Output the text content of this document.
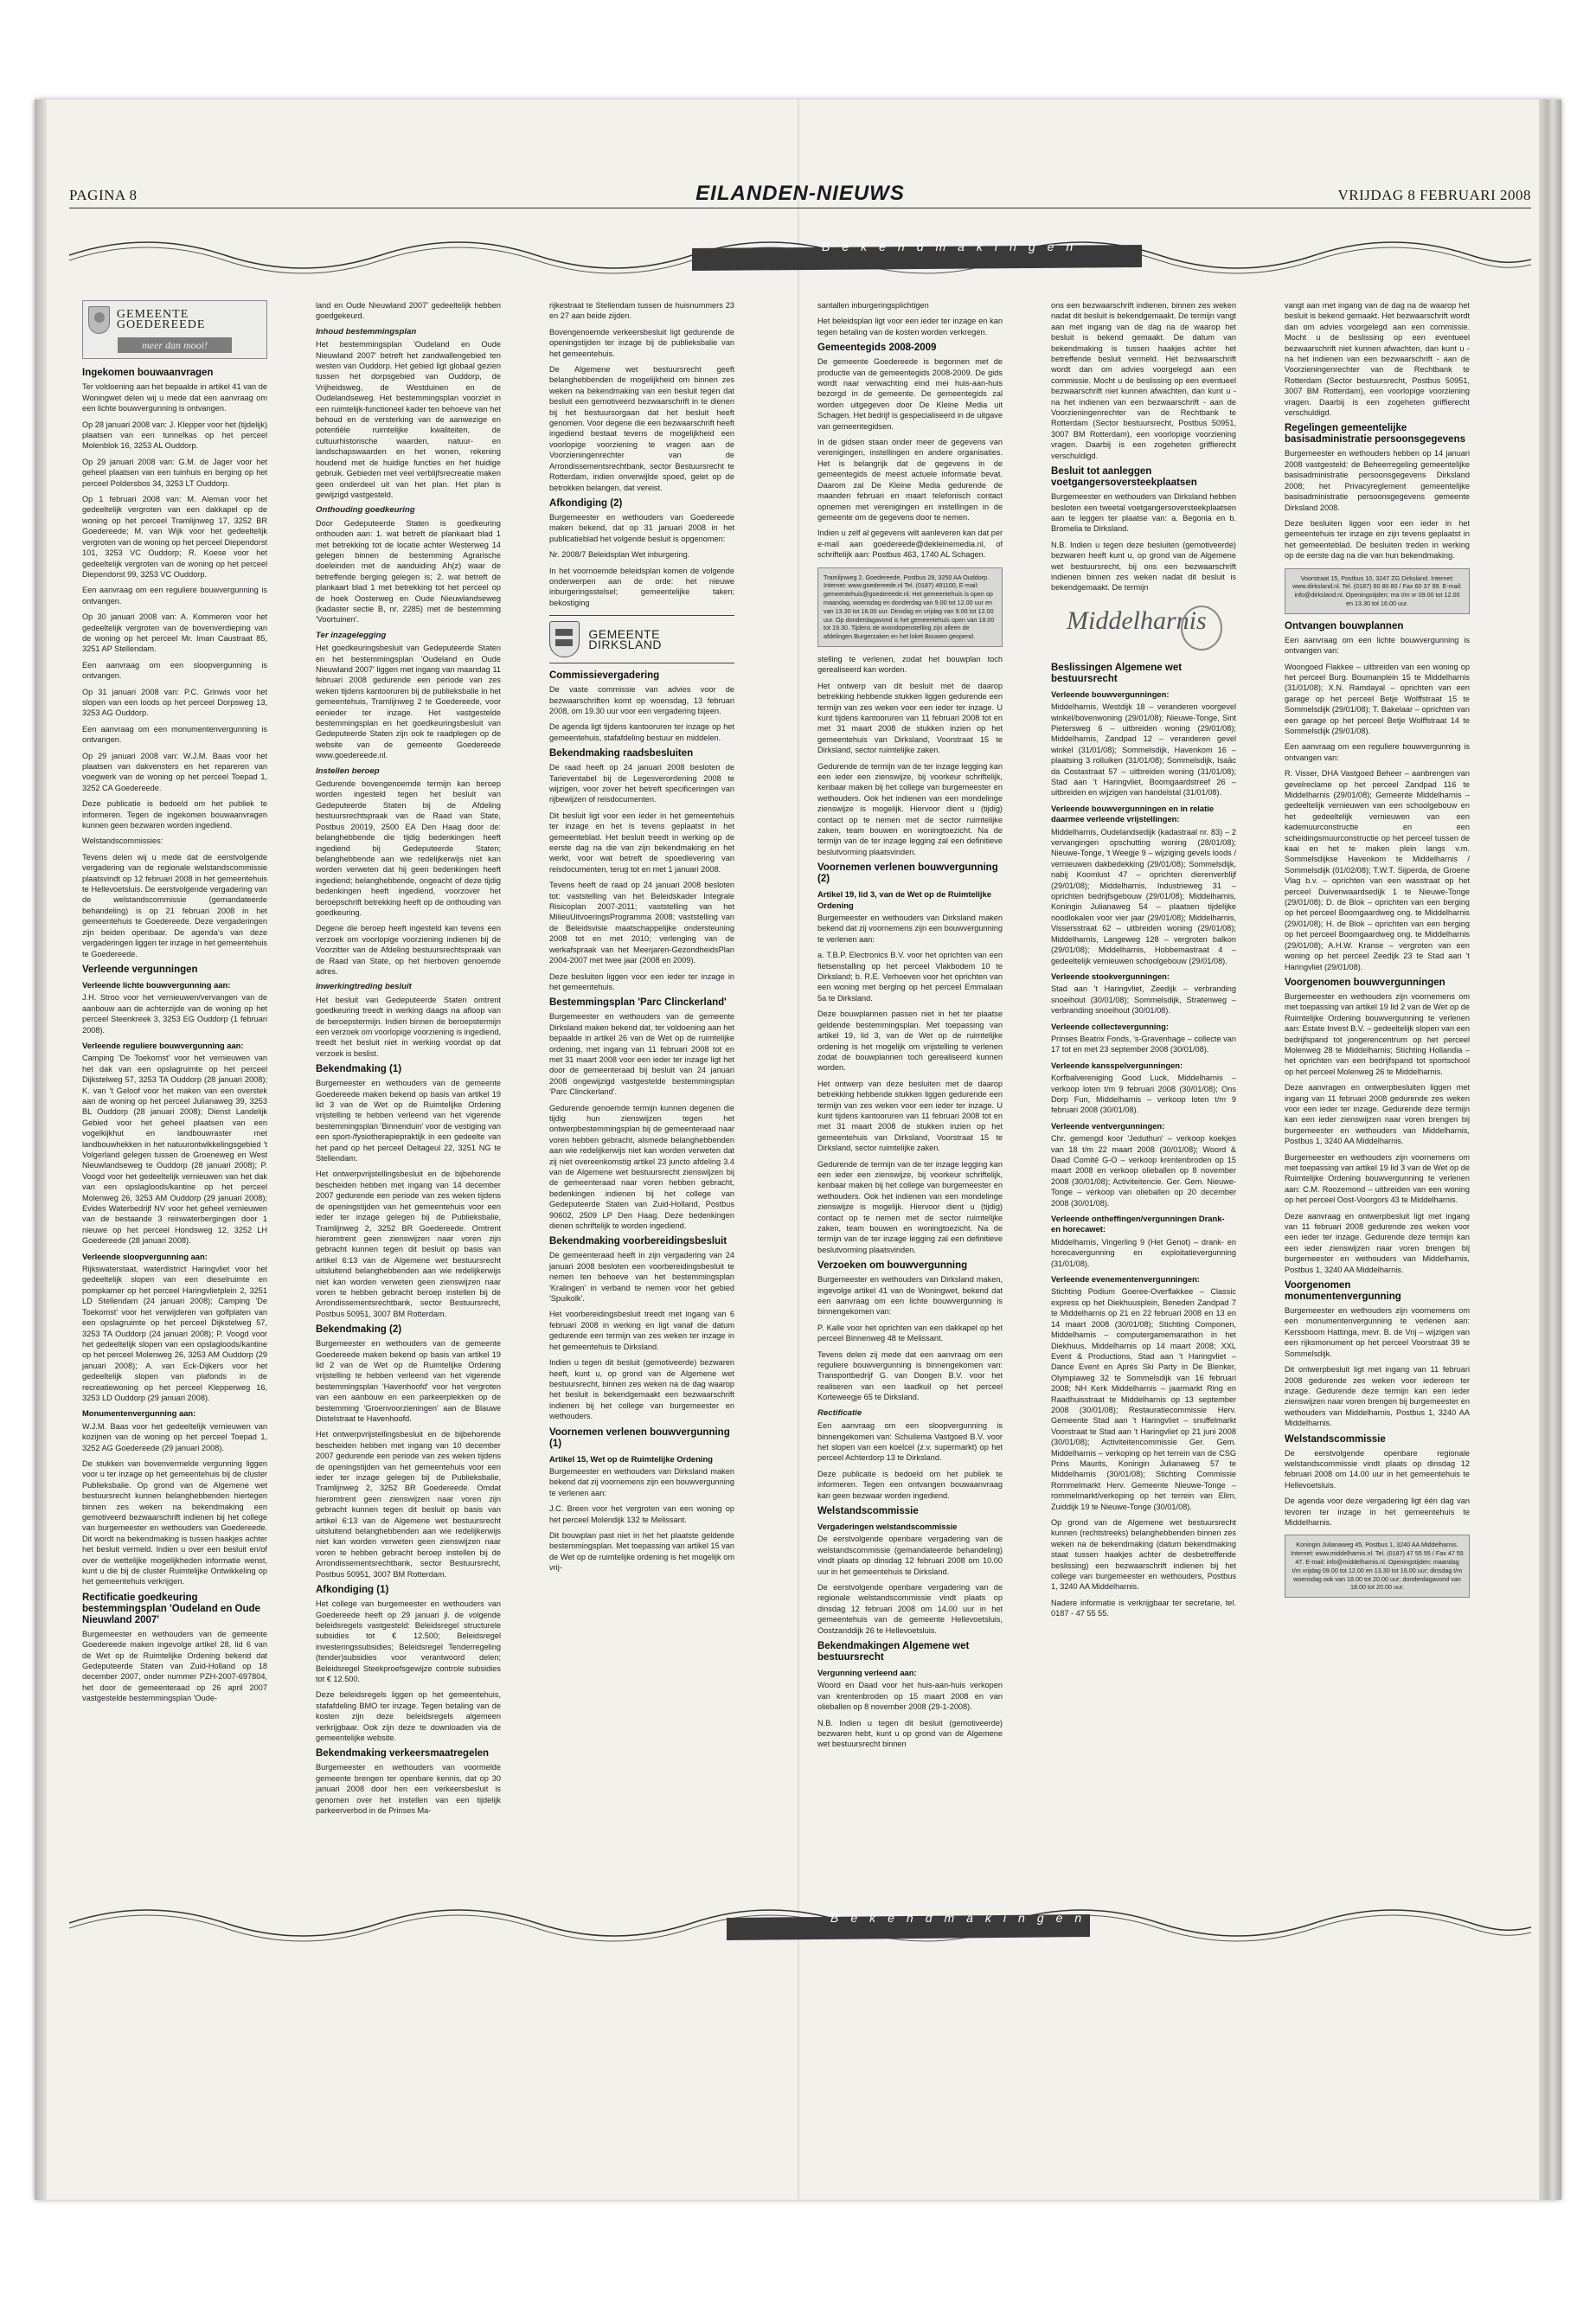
PAGINA 8	EILANDEN-NIEUWS	VRIJDAG 8 FEBRUARI 2008
Bekendmakingen
GEMEENTE GOEDEREEDE
meer dan mooi!
Ingekomen bouwaanvragen

Ter voldoening aan het bepaalde in artikel 41 van de Woningwet delen wij u mede dat een aanvraag om een lichte bouwvergunning is ontvangen.

Op 28 januari 2008 van: J. Klepper voor het (tijdelijk) plaatsen van een tunnelkas op het perceel Molenblok 16, 3253 AL Ouddorp.

Op 29 januari 2008 van: G.M. de Jager voor het geheel plaatsen van een tuinhuis en berging op het perceel Poldersbos 34, 3253 LT Ouddorp.

Op 1 februari 2008 van: M. Aleman voor het gedeeltelijk vergroten van een dakkapel op de woning op het perceel Tramlijnweg 17, 3252 BR Goedereede; M. van Wijk voor het gedeeltelijk vergroten van de woning op het perceel Diependorst 101, 3253 VC Ouddorp; R. Koese voor het gedeeltelijk vergroten van de woning op het perceel Diependorst 99, 3253 VC Ouddorp.

Een aanvraag om een reguliere bouwvergunning is ontvangen.

Op 30 januari 2008 van: A. Kommeren voor het gedeeltelijk vergroten van de bovenverdieping van de woning op het perceel Mr. Iman Caustraat 85, 3251 AP Stellendam.

Een aanvraag om een sloopvergunning is ontvangen.

Op 31 januari 2008 van: P.C. Grinwis voor het slopen van een loods op het perceel Dorpsweg 13, 3253 AG Ouddorp.

Een aanvraag om een monumentenvergunning is ontvangen.

Op 29 januari 2008 van: W.J.M. Baas voor het plaatsen van dakvensters en het repareren van voegwerk van de woning op het perceel Toepad 1, 3252 CA Goedereede.

Deze publicatie is bedoeld om het publiek te informeren. Tegen de ingekomen bouwaanvragen kunnen geen bezwaren worden ingediend.

Welstandscommissies:

Tevens delen wij u mede dat de eerstvolgende vergadering van de regionale welstandscommissie plaatsvindt op 12 februari 2008 in het gemeentehuis te Hellevoetsluis. De eerstvolgende vergadering van de welstandscommissie (gemandateerde behandeling) is op 21 februari 2008 in het gemeentehuis te Goedereede. Deze vergaderingen zijn beiden openbaar. De agenda's van deze vergaderingen liggen ter inzage in het gemeentehuis te Goedereede.

Verleende vergunningen
Verleende lichte bouwvergunning aan:

J.H. Stroo voor het vernieuwen/vervangen van de aanbouw aan de achterzijde van de woning op het perceel Steenkreek 3, 3253 EG Ouddorp (1 februari 2008).

Verleende reguliere bouwvergunning aan:

Camping 'De Toekomst' voor het vernieuwen van het dak van een opslagruimte op het perceel Dijkstelweg 57, 3253 TA Ouddorp (28 januari 2008); K. van 't Geloof voor het maken van een overstek aan de woning op het perceel Julianaweg 39, 3253 BL Ouddorp (28 januari 2008); Dienst Landelijk Gebied voor het geheel plaatsen van een vogelkijkhut en landbouwraster met landbouwhekken in het natuurontwikkelingsgebied 't Volgerland gelegen tussen de Groeneweg en West Nieuwlandseweg te Ouddorp (28 januari 2008); P. Voogd voor het gedeeltelijk vernieuwen van het dak van een opslagloods/kantine op het perceel Molenweg 26, 3253 AM Ouddorp (29 januari 2008); Evides Waterbedrijf NV voor het geheel vernieuwen van de bestaande 3 reinwaterbergingen door 1 nieuwe op het perceel Hondsweg 12, 3252 LH Goedereede (28 januari 2008).

Verleende sloopvergunning aan:

Rijkswaterstaat, waterdistrict Haringvliet voor het gedeeltelijk slopen van een dieselruimte en pompkamer op het perceel Haringvlietplein 2, 3251 LD Stellendam (24 januari 2008); Camping 'De Toekomst' voor het verwijderen van golfplaten van een opslagruimte op het perceel Dijkstelweg 57, 3253 TA Ouddorp (24 januari 2008); P. Voogd voor het gedeeltelijk slopen van een opslagloods/kantine op het perceel Molenweg 26, 3253 AM Ouddorp (29 januari 2008); A. van Eck-Dijkers voor het gedeeltelijk slopen van plafonds in de recreatiewoning op het perceel Klepperweg 16, 3253 LD Ouddorp (29 januari 2008).

Monumentenvergunning aan:

W.J.M. Baas voor het gedeeltelijk vernieuwen van kozijnen van de woning op het perceel Toepad 1, 3252 AG Goedereede (29 januari 2008).

De stukken van bovenvermelde vergunning liggen voor u ter inzage op het gemeentehuis bij de cluster Publieksbalie. Op grond van de Algemene wet bestuursrecht kunnen belanghebbenden hiertegen binnen zes weken na bekendmaking een gemotiveerd bezwaarschrift indienen bij het college van burgemeester en wethouders van Goedereede. Dit wordt na bekendmaking is tussen haakjes achter het besluit vermeld. Indien u over een besluit en/of over de wettelijke mogelijkheden informatie wenst, kunt u die bij de cluster Ruimtelijke Ontwikkeling op het gemeentehuis verkrijgen.

Rectificatie goedkeuring bestemmingsplan 'Oudeland en Oude Nieuwland 2007'

Burgemeester en wethouders van de gemeente Goedereede maken ingevolge artikel 28, lid 6 van de Wet op de Ruimtelijke Ordening bekend dat Gedeputeerde Staten van Zuid-Holland op 18 december 2007, onder nummer PZH-2007-697804, het door de gemeenteraad op 26 april 2007 vastgestelde bestemmingsplan 'Oude-

land en Oude Nieuwland 2007' gedeeltelijk hebben goedgekeurd.

Inhoud bestemmingsplan

Het bestemmingsplan 'Oudeland en Oude Nieuwland 2007' betreft het zandwallengebied ten westen van Ouddorp. Het gebied ligt globaal gezien tussen het dorpsgebied van Ouddorp, de Vrijheidsweg, de Westduinen en de Oudelandseweg. Het bestemmingsplan voorziet in een ruimtelijk-functioneel kader ten behoeve van het behoud en de versterking van de aanwezige en potentiële ruimtelijke kwaliteiten, de cultuurhistorische waarden, natuur- en landschapswaarden en het wonen, rekening houdend met de huidige functies en het huidige gebruik. Gebieden met veel verblijfsrecreatie maken geen onderdeel uit van het plan. Het plan is gewijzigd vastgesteld.

Onthouding goedkeuring

Door Gedeputeerde Staten is goedkeuring onthouden aan: 1. wat betreft de plankaart blad 1 met betrekking tot de locatie achter Westerweg 14 gelegen binnen de bestemming Agrarische doeleinden met de aanduiding Ah(z) waar de betreffende berging gelegen is; 2. wat betreft de plankaart blad 1 met betrekking tot het perceel op de hoek Oosterweg en Oude Nieuwlandseweg (kadaster sectie B, nr. 2285) met de bestemming 'Voortuinen'.

Ter inzagelegging

Het goedkeuringsbesluit van Gedeputeerde Staten en het bestemmingsplan 'Oudeland en Oude Nieuwland 2007' liggen met ingang van maandag 11 februari 2008 gedurende een periode van zes weken tijdens kantooruren bij de publieksbalie in het gemeentehuis, Tramlijnweg 2 te Goedereede, voor eenieder ter inzage. Het vastgestelde bestemmingsplan en het goedkeuringsbesluit van Gedeputeerde Staten zijn ook te raadplegen op de website van de gemeente Goedereede www.goedereede.nl.

Instellen beroep

Gedurende bovengenoemde termijn kan beroep worden ingesteld tegen het besluit van Gedeputeerde Staten bij de Afdeling bestuursrechtspraak van de Raad van State, Postbus 20019, 2500 EA Den Haag door de: belanghebbende die tijdig bedenkingen heeft ingediend bij Gedeputeerde Staten; belanghebbende aan wie redelijkerwijs niet kan worden verweten dat hij geen bedenkingen heeft ingediend; belanghebbende, ongeacht of deze tijdig bedenkingen heeft ingediend, voorzover het beroepschrift betrekking heeft op de onthouding van goedkeuring.

Degene die beroep heeft ingesteld kan tevens een verzoek om voorlopige voorziening indienen bij de Voorzitter van de Afdeling bestuursrechtspraak van de Raad van State, op het hierboven genoemde adres.

Inwerkingtreding besluit

Het besluit van Gedeputeerde Staten omtrent goedkeuring treedt in werking daags na afloop van de beroepstermijn. Indien binnen de beroepstermijn een verzoek om voorlopige voorziening is ingediend, treedt het besluit niet in werking voordat op dat verzoek is beslist.

Bekendmaking (1)

Burgemeester en wethouders van de gemeente Goedereede maken bekend op basis van artikel 19 lid 3 van de Wet op de Ruimtelijke Ordening vrijstelling te hebben verleend van het vigerende bestemmingsplan 'Binnenduin' voor de vestiging van een sport-/fysiotherapiepraktijk in een gedeelte van het pand op het perceel Deltageul 22, 3251 NG te Stellendam.

Het ontwerpvrijstellingsbesluit en de bijbehorende bescheiden hebben met ingang van 14 december 2007 gedurende een periode van zes weken tijdens de openingstijden van het gemeentehuis voor een ieder ter inzage gelegen bij de Publieksbalie, Tramlijnweg 2, 3252 BR Goedereede. Omtrent hieromtrent geen zienswijzen naar voren zijn gebracht kunnen tegen dit besluit op basis van artikel 6:13 van de Algemene wet bestuursrecht uitsluitend belanghebbenden aan wie redelijkerwijs niet kan worden verweten geen zienswijzen naar voren te hebben gebracht beroep instellen bij de Arrondissementsrechtbank, sector Bestuursrecht, Postbus 50951, 3007 BM Rotterdam.

Bekendmaking (2)

Burgemeester en wethouders van de gemeente Goedereede maken bekend op basis van artikel 19 lid 2 van de Wet op de Ruimtelijke Ordening vrijstelling te hebben verleend van het vigerende bestemmingsplan 'Havenhoofd' voor het vergroten van een aanbouw en een parkeerplekken op de bestemming 'Groenvoorzieningen' aan de Blauwe Distelstraat te Havenhoofd.

Het ontwerpvrijstellingsbesluit en de bijbehorende bescheiden hebben met ingang van 10 december 2007 gedurende een periode van zes weken tijdens de openingstijden van het gemeentehuis voor een ieder ter inzage gelegen bij de Publieksbalie, Tramlijnweg 2, 3252 BR Goedereede. Omdat hieromtrent geen zienswijzen naar voren zijn gebracht kunnen tegen dit besluit op basis van artikel 6:13 van de Algemene wet bestuursrecht uitsluitend belanghebbenden aan wie redelijkerwijs niet kan worden verweten geen zienswijzen naar voren te hebben gebracht beroep instellen bij de Arrondissementsrechtbank, sector Bestuursrecht, Postbus 50951, 3007 BM Rotterdam.

Afkondiging (1)

Het college van burgemeester en wethouders van Goedereede heeft op 29 januari jl. de volgende beleidsregels vastgesteld: Beleidsregel structurele subsidies tot € 12.500; Beleidsregel investeringssubsidies; Beleidsregel Tenderregeling (tender)subsidies voor verantwoord delen; Beleidsregel Steekproefsgewijze controle subsidies tot € 12.500.

Deze beleidsregels liggen op het gemeentehuis, stafafdeling BMO ter inzage. Tegen betaling van de kosten zijn deze beleidsregels algemeen verkrijgbaar. Ook zijn deze te downloaden via de gemeentelijke website.

Bekendmaking verkeersmaatregelen

Burgemeester en wethouders van voormelde gemeente brengen ter openbare kennis, dat op 30 januari 2008 door hen een verkeersbesluit is genomen over het instellen van een tijdelijk parkeerverbod in de Prinses Ma-

rijkestraat te Stellendam tussen de huisnummers 23 en 27 aan beide zijden.

Bovengenoemde verkeersbesluit ligt gedurende de openingstijden ter inzage bij de publieksbalie van het gemeentehuis.

De Algemene wet bestuursrecht geeft belanghebbenden de mogelijkheid om binnen zes weken na bekendmaking van een besluit tegen dat besluit een gemotiveerd bezwaarschrift in te dienen bij het bestuursorgaan dat het besluit heeft genomen. Voor degene die een bezwaarschrift heeft ingediend bestaat tevens de mogelijkheid een voorlopige voorziening te vragen aan de Voorzieningenrechter van de Arrondissementsrechtbank, sector Bestuursrecht te Rotterdam, indien onverwijlde spoed, gelet op de betrokken belangen, dat vereist.

Afkondiging (2)

Burgemeester en wethouders van Goedereede maken bekend, dat op 31 januari 2008 in het publicatieblad het volgende besluit is opgenomen:

Nr. 2008/7 Beleidsplan Wet inburgering.

In het voornoemde beleidsplan komen de volgende onderwerpen aan de orde: het nieuwe inburgeringsstelsel; gemeentelijke taken; bekostiging

GEMEENTE DIRKSLAND
Commissievergadering

De vaste commissie van advies voor de bezwaarschriften komt op woensdag, 13 februari 2008, om 19.30 uur voor een vergadering bijeen.

De agenda ligt tijdens kantooruren ter inzage op het gemeentehuis, stafafdeling bestuur en middelen.

Bekendmaking raadsbesluiten

De raad heeft op 24 januari 2008 besloten de Tarieventabel bij de Legesverordening 2008 te wijzigen, voor zover het betreft specificeringen van rijbewijzen of reisdocumenten.

Dit besluit ligt voor een ieder in het gemeentehuis ter inzage en het is tevens geplaatst in het gemeenteblad. Het besluit treedt in werking op de eerste dag na die van zijn bekendmaking en het werkt, voor wat betreft de spoedlevering van reisdocumenten, terug tot en met 1 januari 2008.

Tevens heeft de raad op 24 januari 2008 besloten tot: vaststelling van het Beleidskader Integrale Risicoplan 2007-2011; vaststelling van het MilieuUitvoeringsProgramma 2008; vaststelling van de Beleidsvisie maatschappelijke ondersteuning 2008 tot en met 2010; verlenging van de werkafspraak van het Meerjaren-GezondheidsPlan 2004-2007 met twee jaar (2008 en 2009).

Deze besluiten liggen voor een ieder ter inzage in het gemeentehuis.

Bestemmingsplan 'Parc Clinckerland'

Burgemeester en wethouders van de gemeente Dirksland maken bekend dat, ter voldoening aan het bepaalde in artikel 26 van de Wet op de ruimtelijke ordening, met ingang van 11 februari 2008 tot en met 31 maart 2008 voor een ieder ter inzage ligt het door de gemeenteraad bij besluit van 24 januari 2008 ongewijzigd vastgestelde bestemmingsplan 'Parc Clinckerland'.

Gedurende genoemde termijn kunnen degenen die tijdig hun zienswijzen tegen het ontwerpbestemmingsplan bij de gemeenteraad naar voren hebben gebracht, alsmede belanghebbenden aan wie redelijkerwijs niet kan worden verweten dat zij niet overeenkomstig artikel 23 juncto afdeling 3.4 van de Algemene wet bestuursrecht zienswijzen bij de gemeenteraad naar voren hebben gebracht, bedenkingen indienen bij het college van Gedeputeerde Staten van Zuid-Holland, Postbus 90602, 2509 LP Den Haag. Deze bedenkingen dienen schriftelijk te worden ingediend.

Bekendmaking voorbereidingsbesluit

De gemeenteraad heeft in zijn vergadering van 24 januari 2008 besloten een voorbereidingsbesluit te nemen ten behoeve van het bestemmingsplan 'Kralingen' in verband te nemen voor het gebied 'Spuikolk'.

Het voorbereidingsbesluit treedt met ingang van 6 februari 2008 in werking en ligt vanaf die datum gedurende een termijn van zes weken ter inzage in het gemeentehuis te Dirksland.

Indien u tegen dit besluit (gemotiveerde) bezwaren heeft, kunt u, op grond van de Algemene wet bestuursrecht, binnen zes weken na de dag waarop het besluit is bekendgemaakt een bezwaarschrift indienen bij het college van burgemeester en wethouders.

Voornemen verlenen bouwvergunning (1)
Artikel 15, Wet op de Ruimtelijke Ordening

Burgemeester en wethouders van Dirksland maken bekend dat zij voornemens zijn een bouwvergunning te verlenen aan:

J.C. Breen voor het vergroten van een woning op het perceel Molendijk 132 te Melissant.

Dit bouwplan past niet in het het plaatste geldende bestemmingsplan. Met toepassing van artikel 15 van de Wet op de ruimtelijke ordening is het mogelijk om vrij-

santallen inburgeringsplichtigen

Het beleidsplan ligt voor een ieder ter inzage en kan tegen betaling van de kosten worden verkregen.

Gemeentegids 2008-2009

De gemeente Goedereede is begonnen met de productie van de gemeentegids 2008-2009. De gids wordt naar verwachting eind mei huis-aan-huis bezorgd in de gemeente. De gemeentegids zal worden uitgegeven door De Kleine Media uit Schagen. Het bedrijf is gespecialiseerd in de uitgave van gemeentegidsen.

In de gidsen staan onder meer de gegevens van verenigingen, instellingen en andere organisaties. Het is belangrijk dat de gegevens in de gemeentegids de meest actuele informatie bevat. Daarom zal De Kleine Media gedurende de maanden februari en maart telefonisch contact opnemen met verenigingen en instellingen in de gemeente om de gegevens door te nemen.

Indien u zelf al gegevens wilt aanleveren kan dat per e-mail aan goedereede@dekleinemedia.nl, of schriftelijk aan: Postbus 463, 1740 AL Schagen.

Tramlijnweg 2, Goedereede, Postbus 28, 3250 AA Ouddorp. Internet: www.goedereede.nl Tel. (0187) 491100, E-mail: gemeentehuis@goedereede.nl. Het gemeentehuis is open op maandag, woensdag en donderdag van 9.00 tot 12.00 uur en van 13.30 tot 16.00 uur. Dinsdag en vrijdag van 9.00 tot 12.00 uur. Op donderdagavond is het gemeentehuis open van 18.00 tot 19.30. Tijdens de avondopenstelling zijn alleen de afdelingen Burgerzaken en het loket Bouwen geopend.

stelling te verlenen, zodat het bouwplan toch gerealiseerd kan worden.

Het ontwerp van dit besluit met de daarop betrekking hebbende stukken liggen gedurende een termijn van zes weken voor een ieder ter inzage. U kunt tijdens kantooruren van 11 februari 2008 tot en met 31 maart 2008 de stukken inzien op het gemeentehuis van Dirksland, Voorstraat 15 te Dirksland, sector ruimtelijke zaken.

Gedurende de termijn van de ter inzage legging kan een ieder een zienswijze, bij voorkeur schriftelijk, kenbaar maken bij het college van burgemeester en wethouders. Ook het indienen van een mondelinge zienswijze is mogelijk. Hiervoor dient u (tijdig) contact op te nemen met de sector ruimtelijke zaken, team bouwen en woningtoezicht. Na de termijn van de ter inzage legging zal een definitieve beslutvorming plaatsvinden.

Voornemen verlenen bouwvergunning (2)
Artikel 19, lid 3, van de Wet op de Ruimtelijke Ordening

Burgemeester en wethouders van Dirksland maken bekend dat zij voornemens zijn een bouwvergunning te verlenen aan:

a. T.B.P. Electronics B.V. voor het oprichten van een fietsenstalling op het perceel Vlakbodem 10 te Dirksland; b. R.E. Verhoeven voor het oprichten van een woning met berging op het perceel Emmalaan 5a te Dirksland.

Deze bouwplannen passen niet in het ter plaatse geldende bestemmingsplan. Met toepassing van artikel 19, lid 3, van de Wet op de ruimtelijke ordening is het mogelijk om vrijstelling te verlenen zodat de bouwplannen toch gerealiseerd kunnen worden.

Het ontwerp van deze besluiten met de daarop betrekking hebbende stukken liggen gedurende een termijn van zes weken voor een ieder ter inzage. U kunt tijdens kantooruren van 11 februari 2008 tot en met 31 maart 2008 de stukken inzien op het gemeentehuis van Dirksland, Voorstraat 15 te Dirksland, sector ruimtelijke zaken.

Gedurende de termijn van de ter inzage legging kan een ieder een zienswijze, bij voorkeur schriftelijk, kenbaar maken bij het college van burgemeester en wethouders. Ook het indienen van een mondelinge zienswijze is mogelijk. Hiervoor dient u (tijdig) contact op te nemen met de sector ruimtelijke zaken, team bouwen en woningtoezicht. Na de termijn van de ter inzage legging zal een definitieve beslutvorming plaatsvinden.

Verzoeken om bouwvergunning

Burgemeester en wethouders van Dirksland maken, ingevolge artikel 41 van de Woningwet, bekend dat een aanvraag om een lichte bouwvergunning is binnengekomen van:

P. Kalle voor het oprichten van een dakkapel op het perceel Binnenweg 48 te Melissant.

Tevens delen zij mede dat een aanvraag om een reguliere bouwvergunning is binnengekomen van: Transportbedrijf G. van Dongen B.V. voor het realiseren van een laadkuil op het perceel Korteweegje 65 te Dirksland.

Rectificatie

Een aanvraag om een sloopvergunning is binnengekomen van: Schuilema Vastgoed B.V. voor het slopen van een koelcel (z.v. supermarkt) op het perceel Achterdorp 13 te Dirksland.

Deze publicatie is bedoeld om het publiek te informeren. Tegen een ontvangen bouwaanvraag kan geen bezwaar worden ingediend.

Welstandscommissie
Vergaderingen welstandscommissie

De eerstvolgende openbare vergadering van de welstandscommissie (gemandateerde behandeling) vindt plaats op dinsdag 12 februari 2008 om 10.00 uur in het gemeentehuis te Dirksland.

De eerstvolgende openbare vergadering van de regionale welstandscommissie vindt plaats op dinsdag 12 februari 2008 om 14.00 uur in het gemeentehuis van de gemeente Hellevoetsluis, Oostzanddijk 26 te Hellevoetsluis.

Bekendmakingen Algemene wet bestuursrecht
Vergunning verleend aan:

Woord en Daad voor het huis-aan-huis verkopen van krentenbroden op 15 maart 2008 en van olieballen op 8 november 2008 (29-1-2008).

N.B. Indien u tegen dit besluit (gemotiveerde) bezwaren hebt, kunt u op grond van de Algemene wet bestuursrecht binnen

ons een bezwaarschrift indienen, binnen zes weken nadat dit besluit is bekendgemaakt. De termijn vangt aan met ingang van de dag na de waarop het besluit is bekend gemaakt. De datum van bekendmaking is tussen haakjes achter het betreffende besluit vermeld. Het bezwaarschrift wordt dan om advies voorgelegd aan een commissie. Mocht u de beslissing op een eventueel bezwaarschrift niet kunnen afwachten, dan kunt u - na het indienen van een bezwaarschrift - aan de Voorzieningenrechter van de Rechtbank te Rotterdam (Sector bestuursrecht, Postbus 50951, 3007 BM Rotterdam), een voorlopige voorziening vragen. Daarbij is een zogeheten griffierecht verschuldigd.

Besluit tot aanleggen voetgangersoversteekplaatsen

Burgemeester en wethouders van Dirksland hebben besloten een tweetal voetgangersoversteekplaatsen aan te leggen ter plaatse van: a. Begonia en b. Bromelia te Dirksland.

N.B. Indien u tegen deze besluiten (gemotiveerde) bezwaren heeft kunt u, op grond van de Algemene wet bestuursrecht, bij ons een bezwaarschrift indienen binnen zes weken nadat dit besluit is bekendgemaakt. De termijn

Middelharnis
Beslissingen Algemene wet bestuursrecht
Verleende bouwvergunningen:

Middelharnis, Westdijk 18 – veranderen voorgevel winkel/bovenwoning (29/01/08); Nieuwe-Tonge, Sint Pietersweg 6 – uitbreiden woning (29/01/08); Middelharnis, Zandpad 12 – veranderen gevel winkel (31/01/08); Sommelsdijk, Havenkom 16 – plaatsing 3 rolluiken (31/01/08); Sommelsdijk, Isaäc da Costastraat 57 – uitbreiden woning (31/01/08); Stad aan 't Haringvliet, Boomgaardstreef 26 – uitbreiden en wijzigen van handelstal (31/01/08).

Verleende bouwvergunningen en in relatie daarmee verleende vrijstellingen:

Middelharnis, Oudelandsedijk (kadastraal nr. 83) – 2 vervangingen opschutting woning (28/01/08); Nieuwe-Tonge, 't Weegje 9 – wijziging gevels loods / vernieuwen dakbedekking (29/01/08); Sommelsdijk, nabij Koomlust 47 – oprichten dierenverblijf (29/01/08); Middelharnis, Industrieweg 31 – oprichten bedrijfsgebouw (29/01/08); Middelharnis, Koningin Julianaweg 54 – plaatsen tijdelijke noodlokalen voor vier jaar (29/01/08); Middelharnis, Vissersstraat 62 – uitbreiden woning (29/01/08); Middelharnis, Langeweg 128 – vergroten balkon (29/01/08); Middelharnis, Hobbemastraat 4 – gedeeltelijk vernieuwen schoolgebouw (29/01/08).

Verleende stookvergunningen:

Stad aan 't Haringvliet, Zeedijk – verbranding snoeihout (30/01/08); Sommelsdijk, Stratenweg – verbranding snoeihout (30/01/08).

Verleende collectevergunning:

Prinses Beatrix Fonds, 's-Gravenhage – collecte van 17 tot en met 23 september 2008 (30/01/08).

Verleende kansspelvergunningen:

Korfbalvereniging Good Luck, Middelharnis – verkoop loten t/m 9 februari 2008 (30/01/08); Ons Dorp Fun, Middelharnis – verkoop loten t/m 9 februari 2008 (30/01/08).

Verleende ventvergunningen:

Chr. gemengd koor 'Jeduthun' – verkoop koekjes van 18 t/m 22 maart 2008 (30/01/08); Woord & Daad Comité G-O – verkoop krentenbroden op 15 maart 2008 en verkoop olieballen op 8 november 2008 (30/01/08); Activiteitencie. Ger. Gem. Nieuwe-Tonge – verkoop van olieballen op 20 december 2008 (30/01/08).

Verleende ontheffingen/vergunningen Drank- en horecawet:

Middelharnis, Vingerling 9 (Het Genot) – drank- en horecavergunning en exploitatievergunning (31/01/08).

Verleende evenementenvergunningen:

Stichting Podium Goeree-Overflakkee – Classic express op het Diekhuusplein, Beneden Zandpad 7 te Middelharnis op 21 en 22 februari 2008 en 13 en 14 maart 2008 (30/01/08); Stichting Componen, Middelharnis – computergamemarathon in het Diekhuus, Middelharnis op 14 maart 2008; XXL Event & Productions, Stad aan 't Haringvliet – Dance Event en Après Ski Party in De Blenker, Olympiaweg 32 te Sommelsdijk van 16 februari 2008; NH Kerk Middelharnis – jaarmarkt Ring en Raadhuisstraat te Middelharnis op 13 september 2008 (30/01/08); Restauratiecommissie Herv. Gemeente Stad aan 't Haringvliet – snuffelmarkt Voorstraat te Stad aan 't Haringvliet op 21 juni 2008 (30/01/08); Activiteitencommissie Ger. Gem. Middelharnis – verkoping op het terrein van de CSG Prins Maurits, Koningin Julianaweg 57 te Middelharnis (30/01/08); Stichting Commissie Rommelmarkt Herv. Gemeente Nieuwe-Tonge – rommelmarkt/verkoping op het terrein van Elim, Zuiddijk 19 te Nieuwe-Tonge (30/01/08).

Op grond van de Algemene wet bestuursrecht kunnen (rechtstreeks) belanghebbenden binnen zes weken na de bekendmaking (datum bekendmaking staat tussen haakjes achter de desbetreffende beslissing) een bezwaarschrift indienen bij het college van burgemeester en wethouders, Postbus 1, 3240 AA Middelharnis.

Nadere informatie is verkrijgbaar ter secretarie, tel. 0187 - 47 55 55.

vangt aan met ingang van de dag na de waarop het besluit is bekend gemaakt. Het bezwaarschrift wordt dan om advies voorgelegd aan een commissie. Mocht u de beslissing op een eventueel bezwaarschrift niet kunnen afwachten, dan kunt u - na het indienen van een bezwaarschrift - aan de Voorzieningenrechter van de Rechtbank te Rotterdam (Sector bestuursrecht, Postbus 50951, 3007 BM Rotterdam), een voorlopige voorziening vragen. Daarbij is een zogeheten griffierecht verschuldigd.

Regelingen gemeentelijke basisadministratie persoonsgegevens

Burgemeester en wethouders hebben op 14 januari 2008 vastgesteld: de Beheerregeling gemeentelijke basisadministratie persoonsgegevens Dirksland 2008; het Privacyreglement gemeentelijke basisadministratie persoonsgegevens gemeente Dirksland 2008.

Deze besluiten liggen voor een ieder in het gemeentehuis ter inzage en zijn tevens geplaatst in het gemeenteblad. De besluiten treden in werking op de eerste dag na die van hun bekendmaking.

Voorstraat 15, Postbus 10, 3247 ZG Dirksland. Internet: www.dirksland.nl. Tel. (0187) 60 80 80 / Fax 60 37 99. E-mail: info@dirksland.nl. Openingstijden: ma t/m vr 09.00 tot 12.00 en 13.30 tot 16.00 uur.
Ontvangen bouwplannen

Een aanvraag om een lichte bouwvergunning is ontvangen van:

Woongoed Flakkee – uitbreiden van een woning op het perceel Burg. Boumanplein 15 te Middelharnis (31/01/08); X.N. Ramdayal – oprichten van een garage op het perceel Betje Wolffstraat 15 te Sommelsdijk (29/01/08); T. Bakelaar – oprichten van een garage op het perceel Betje Wolffstraat 14 te Sommelsdijk (29/01/08).

Een aanvraag om een reguliere bouwvergunning is ontvangen van:

R. Visser, DHA Vastgoed Beheer – aanbrengen van gevelreclame op het perceel Zandpad 116 te Middelharnis (29/01/08); Gemeente Middelharnis – gedeeltelijk vernieuwen van een schoolgebouw en het gedeeltelijk vernieuwen van een kademuurconstructie en een scheidingsmuurconstructie op het perceel tussen de kaai en het te maken plein langs v.m. Sommelsdijkse Havenkom te Middelharnis / Sommelsdijk (01/02/08); T.W.T. Sijperda, de Groene Vlag b.v. – oprichten van een wasstraat op het perceel Duivenwaardsedijk 1 te Nieuwe-Tonge (29/01/08); D. de Blok – oprichten van een berging op het perceel Boomgaardweg ong. te Middelharnis (29/01/08); H. de Blok – oprichten van een berging op het perceel Boomgaardweg ong. te Middelharnis (29/01/08); A.H.W. Kranse – vergroten van een woning op het perceel Zeedijk 23 te Stad aan 't Haringvliet (29/01/08).

Voorgenomen bouwvergunningen

Burgemeester en wethouders zijn voornemens om met toepassing van artikel 19 lid 2 van de Wet op de Ruimtelijke Ordening bouwvergunning te verlenen aan: Estate Invest B.V. – gedeeltelijk slopen van een bedrijfspand tot jongerencentrum op het perceel Molenweg 28 te Middelharnis; Stichting Hollandia – het oprichten van een bedrijfspand tot sportschool op het perceel Molenweg 26 te Middelharnis.

Deze aanvragen en ontwerpbesluiten liggen met ingang van 11 februari 2008 gedurende zes weken voor een ieder ter inzage. Gedurende deze termijn kan een ieder zienswijzen naar voren brengen bij burgemeester en wethouders van Middelharnis, Postbus 1, 3240 AA Middelharnis.

Burgemeester en wethouders zijn voornemens om met toepassing van artikel 19 lid 3 van de Wet op de Ruimtelijke Ordening bouwvergunning te verlenen aan: C.M. Roozemond – uitbreiden van een woning op het perceel Oost-Voorgors 43 te Middelharnis.

Deze aanvraag en ontwerpbesluit ligt met ingang van 11 februari 2008 gedurende zes weken voor een ieder ter inzage. Gedurende deze termijn kan een ieder zienswijzen naar voren brengen bij burgemeester en wethouders van Middelharnis, Postbus 1, 3240 AA Middelharnis.

Voorgenomen monumentenvergunning

Burgemeester en wethouders zijn voornemens om een monumentenvergunning te verlenen aan: Kerssboom Hattinga, mevr. B. de Vrij – wijzigen van een rijksmonument op het perceel Voorstraat 39 te Sommelsdijk.

Dit ontwerpbesluit ligt met ingang van 11 februari 2008 gedurende zes weken voor iedereen ter inzage. Gedurende deze termijn kan een ieder zienswijzen naar voren brengen bij burgemeester en wethouders van Middelharnis, Postbus 1, 3240 AA Middelharnis.

Welstandscommissie

De eerstvolgende openbare regionale welstandscommissie vindt plaats op dinsdag 12 februari 2008 om 14.00 uur in het gemeentehuis te Hellevoetsluis.

De agenda voor deze vergadering ligt één dag van tevoren ter inzage in het gemeentehuis te Middelharnis.

Koningin Julianaweg 45, Postbus 1, 3240 AA Middelharnis. Internet: www.middelharnis.nl. Tel. (0187) 47 55 55 / Fax 47 55 47. E-mail: info@middelharnis.nl. Openingstijden: maandag t/m vrijdag 09.00 tot 12.00 en 13.30 tot 16.00 uur; dinsdag t/m woensdag ook van 18.00 tot 20.00 uur; donderdagavond van 18.00 tot 20.00 uur.
Bekendmakingen
